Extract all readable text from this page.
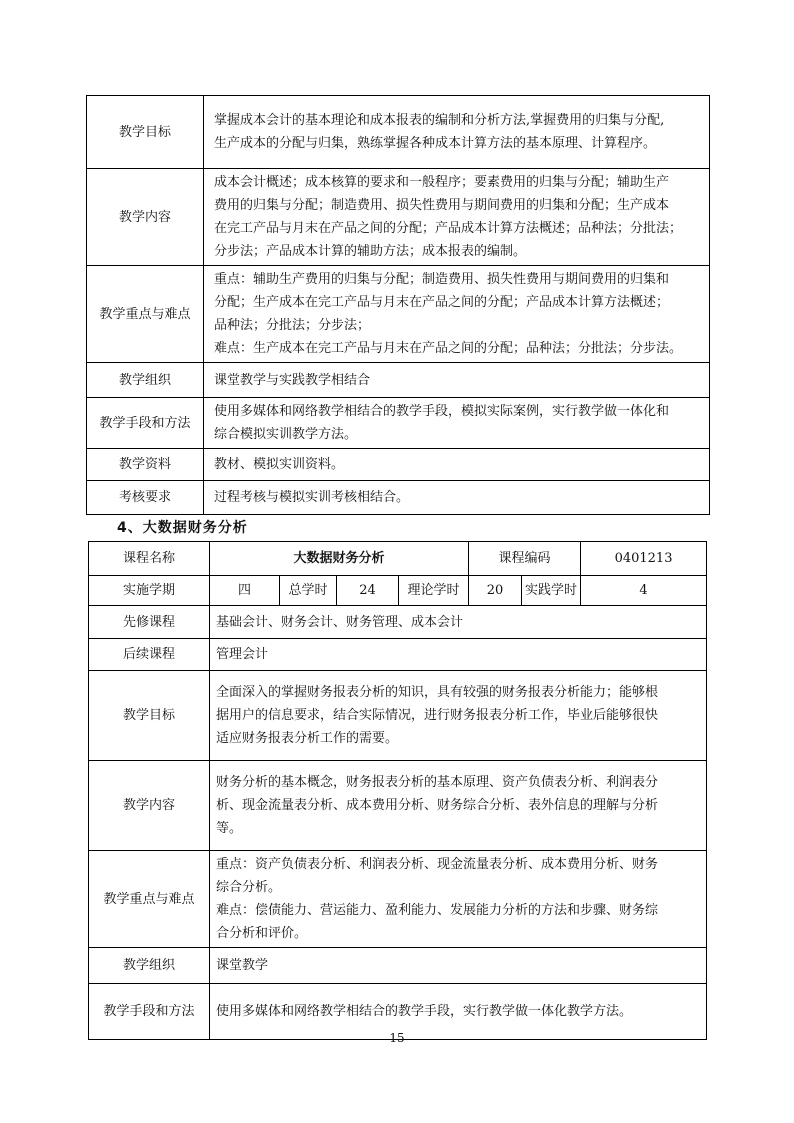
教学目标	掌握成本会计的基本理论和成本报表的编制和分析方法,掌握费用的归集与分配,
生产成本的分配与归集，熟练掌握各种成本计算方法的基本原理、计算程序。

教学内容	成本会计概述；成本核算的要求和一般程序；要素费用的归集与分配；辅助生产
费用的归集与分配；制造费用、损失性费用与期间费用的归集和分配；生产成本
在完工产品与月末在产品之间的分配；产品成本计算方法概述；品种法；分批法；
分步法；产品成本计算的辅助方法；成本报表的编制。

教学重点与难点	重点：辅助生产费用的归集与分配；制造费用、损失性费用与期间费用的归集和
分配；生产成本在完工产品与月末在产品之间的分配；产品成本计算方法概述；
品种法；分批法；分步法；
难点：生产成本在完工产品与月末在产品之间的分配；品种法；分批法；分步法。

教学组织	课堂教学与实践教学相结合

教学手段和方法	使用多媒体和网络教学相结合的教学手段，模拟实际案例，实行教学做一体化和
综合模拟实训教学方法。

教学资料	教材、模拟实训资料。

考核要求	过程考核与模拟实训考核相结合。
4、大数据财务分析
课程名称	大数据财务分析				课程编码		0401213
实施学期	四	总学时	24	理论学时	20	实践学时	4
先修课程	基础会计、财务会计、财务管理、成本会计						

后续课程	管理会计						

教学目标	全面深入的掌握财务报表分析的知识，具有较强的财务报表分析能力；能够根
据用户的信息要求，结合实际情况，进行财务报表分析工作，毕业后能够很快
适应财务报表分析工作的需要。						

教学内容	财务分析的基本概念，财务报表分析的基本原理、资产负债表分析、利润表分
析、现金流量表分析、成本费用分析、财务综合分析、表外信息的理解与分析
等。						

教学重点与难点	重点：资产负债表分析、利润表分析、现金流量表分析、成本费用分析、财务
综合分析。
难点：偿债能力、营运能力、盈利能力、发展能力分析的方法和步骤、财务综
合分析和评价。						

教学组织	课堂教学						

教学手段和方法	使用多媒体和网络教学相结合的教学手段，实行教学做一体化教学方法。						
15
